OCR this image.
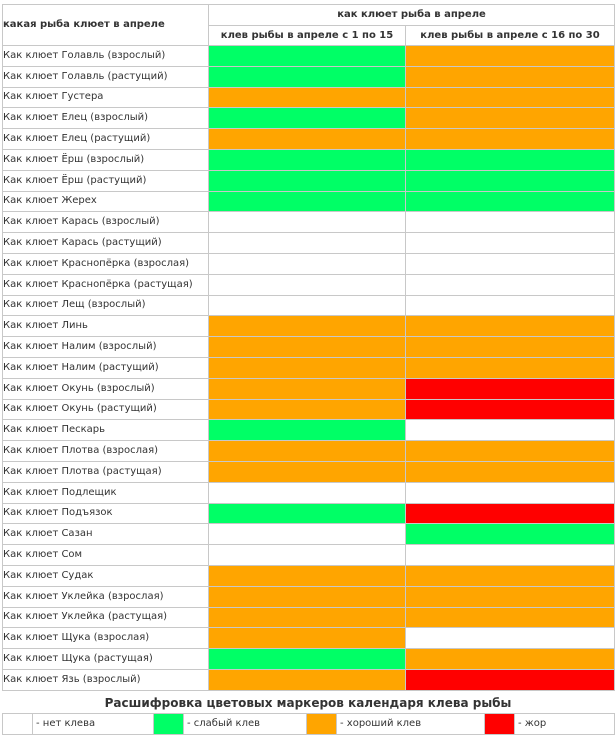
какая рыба клюет в апреле	как клюет рыба в апреле	
	клев рыбы в апреле с 1 по 15	клев рыбы в апреле с 16 по 30
Как клюет Голавль (взрослый)		
Как клюет Голавль (растущий)		
Как клюет Густера		
Как клюет Елец (взрослый)		
Как клюет Елец (растущий)		
Как клюет Ёрш (взрослый)		
Как клюет Ёрш (растущий)		
Как клюет Жерех		
Как клюет Карась (взрослый)		
Как клюет Карась (растущий)		
Как клюет Краснопёрка (взрослая)		
Как клюет Краснопёрка (растущая)		
Как клюет Лещ (взрослый)		
Как клюет Линь		
Как клюет Налим (взрослый)		
Как клюет Налим (растущий)		
Как клюет Окунь (взрослый)		
Как клюет Окунь (растущий)		
Как клюет Пескарь		
Как клюет Плотва (взрослая)		
Как клюет Плотва (растущая)		
Как клюет Подлещик		
Как клюет Подъязок		
Как клюет Сазан		
Как клюет Сом		
Как клюет Судак		
Как клюет Уклейка (взрослая)		
Как клюет Уклейка (растущая)		
Как клюет Щука (взрослая)		
Как клюет Щука (растущая)		
Как клюет Язь (взрослый)		
Расшифровка цветовых маркеров календаря клева рыбы
	- нет клева		- слабый клев		- хороший клев		- жор
